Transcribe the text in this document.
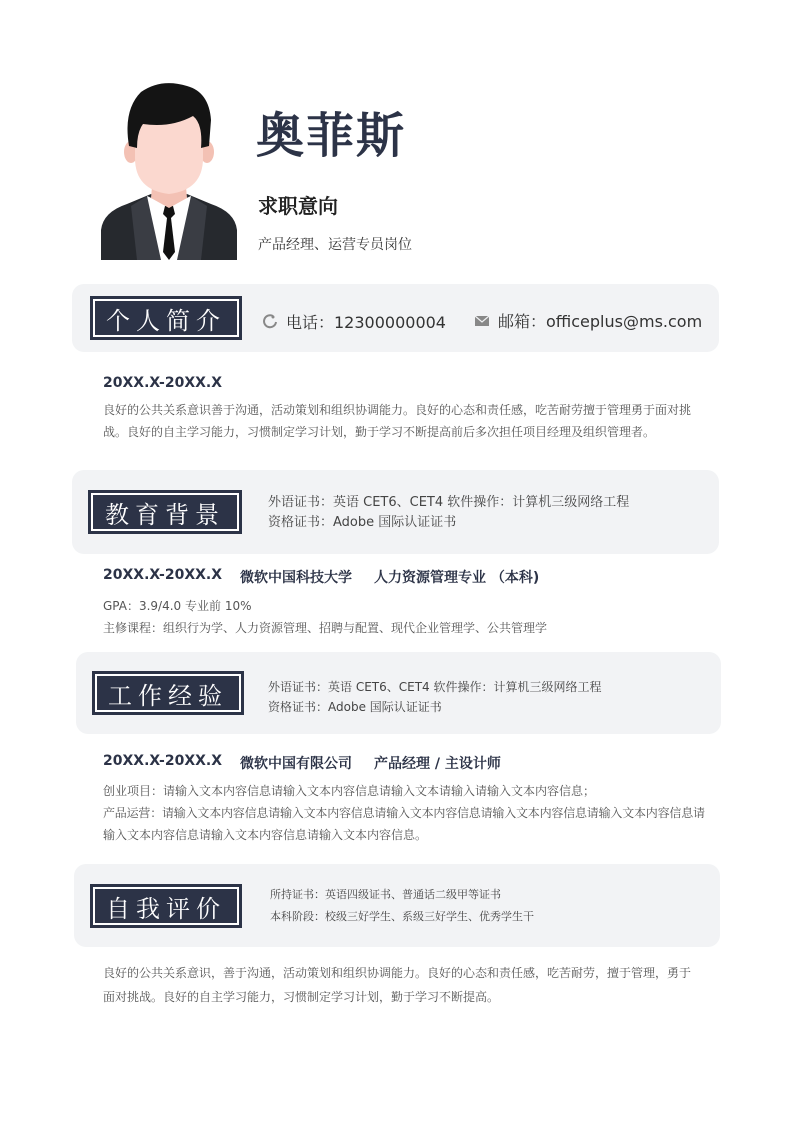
奥菲斯
求职意向
产品经理、运营专员岗位
个人简介	电话：12300000004	邮箱：officeplus@ms.com
20XX.X-20XX.X
良好的公共关系意识善于沟通，活动策划和组织协调能力。良好的心态和责任感，吃苦耐劳擅于管理勇于面对挑
战。良好的自主学习能力，习惯制定学习计划，勤于学习不断提高前后多次担任项目经理及组织管理者。
教育背景	外语证书：英语 CET6、CET4 软件操作：计算机三级网络工程
资格证书：Adobe 国际认证证书
20XX.X-20XX.X 微软中国科技大学 人力资源管理专业 （本科)
GPA：3.9/4.0 专业前 10%
主修课程：组织行为学、人力资源管理、招聘与配置、现代企业管理学、公共管理学
工作经验	外语证书：英语 CET6、CET4 软件操作：计算机三级网络工程
资格证书：Adobe 国际认证证书
20XX.X-20XX.X 微软中国有限公司 产品经理 / 主设计师
创业项目：请输入文本内容信息请输入文本内容信息请输入文本请输入请输入文本内容信息；
产品运营：请输入文本内容信息请输入文本内容信息请输入文本内容信息请输入文本内容信息请输入文本内容信息请
输入文本内容信息请输入文本内容信息请输入文本内容信息。
自我评价	所持证书：英语四级证书、普通话二级甲等证书
本科阶段：校级三好学生、系级三好学生、优秀学生干
良好的公共关系意识，善于沟通，活动策划和组织协调能力。良好的心态和责任感，吃苦耐劳，擅于管理，勇于
面对挑战。良好的自主学习能力，习惯制定学习计划，勤于学习不断提高。
